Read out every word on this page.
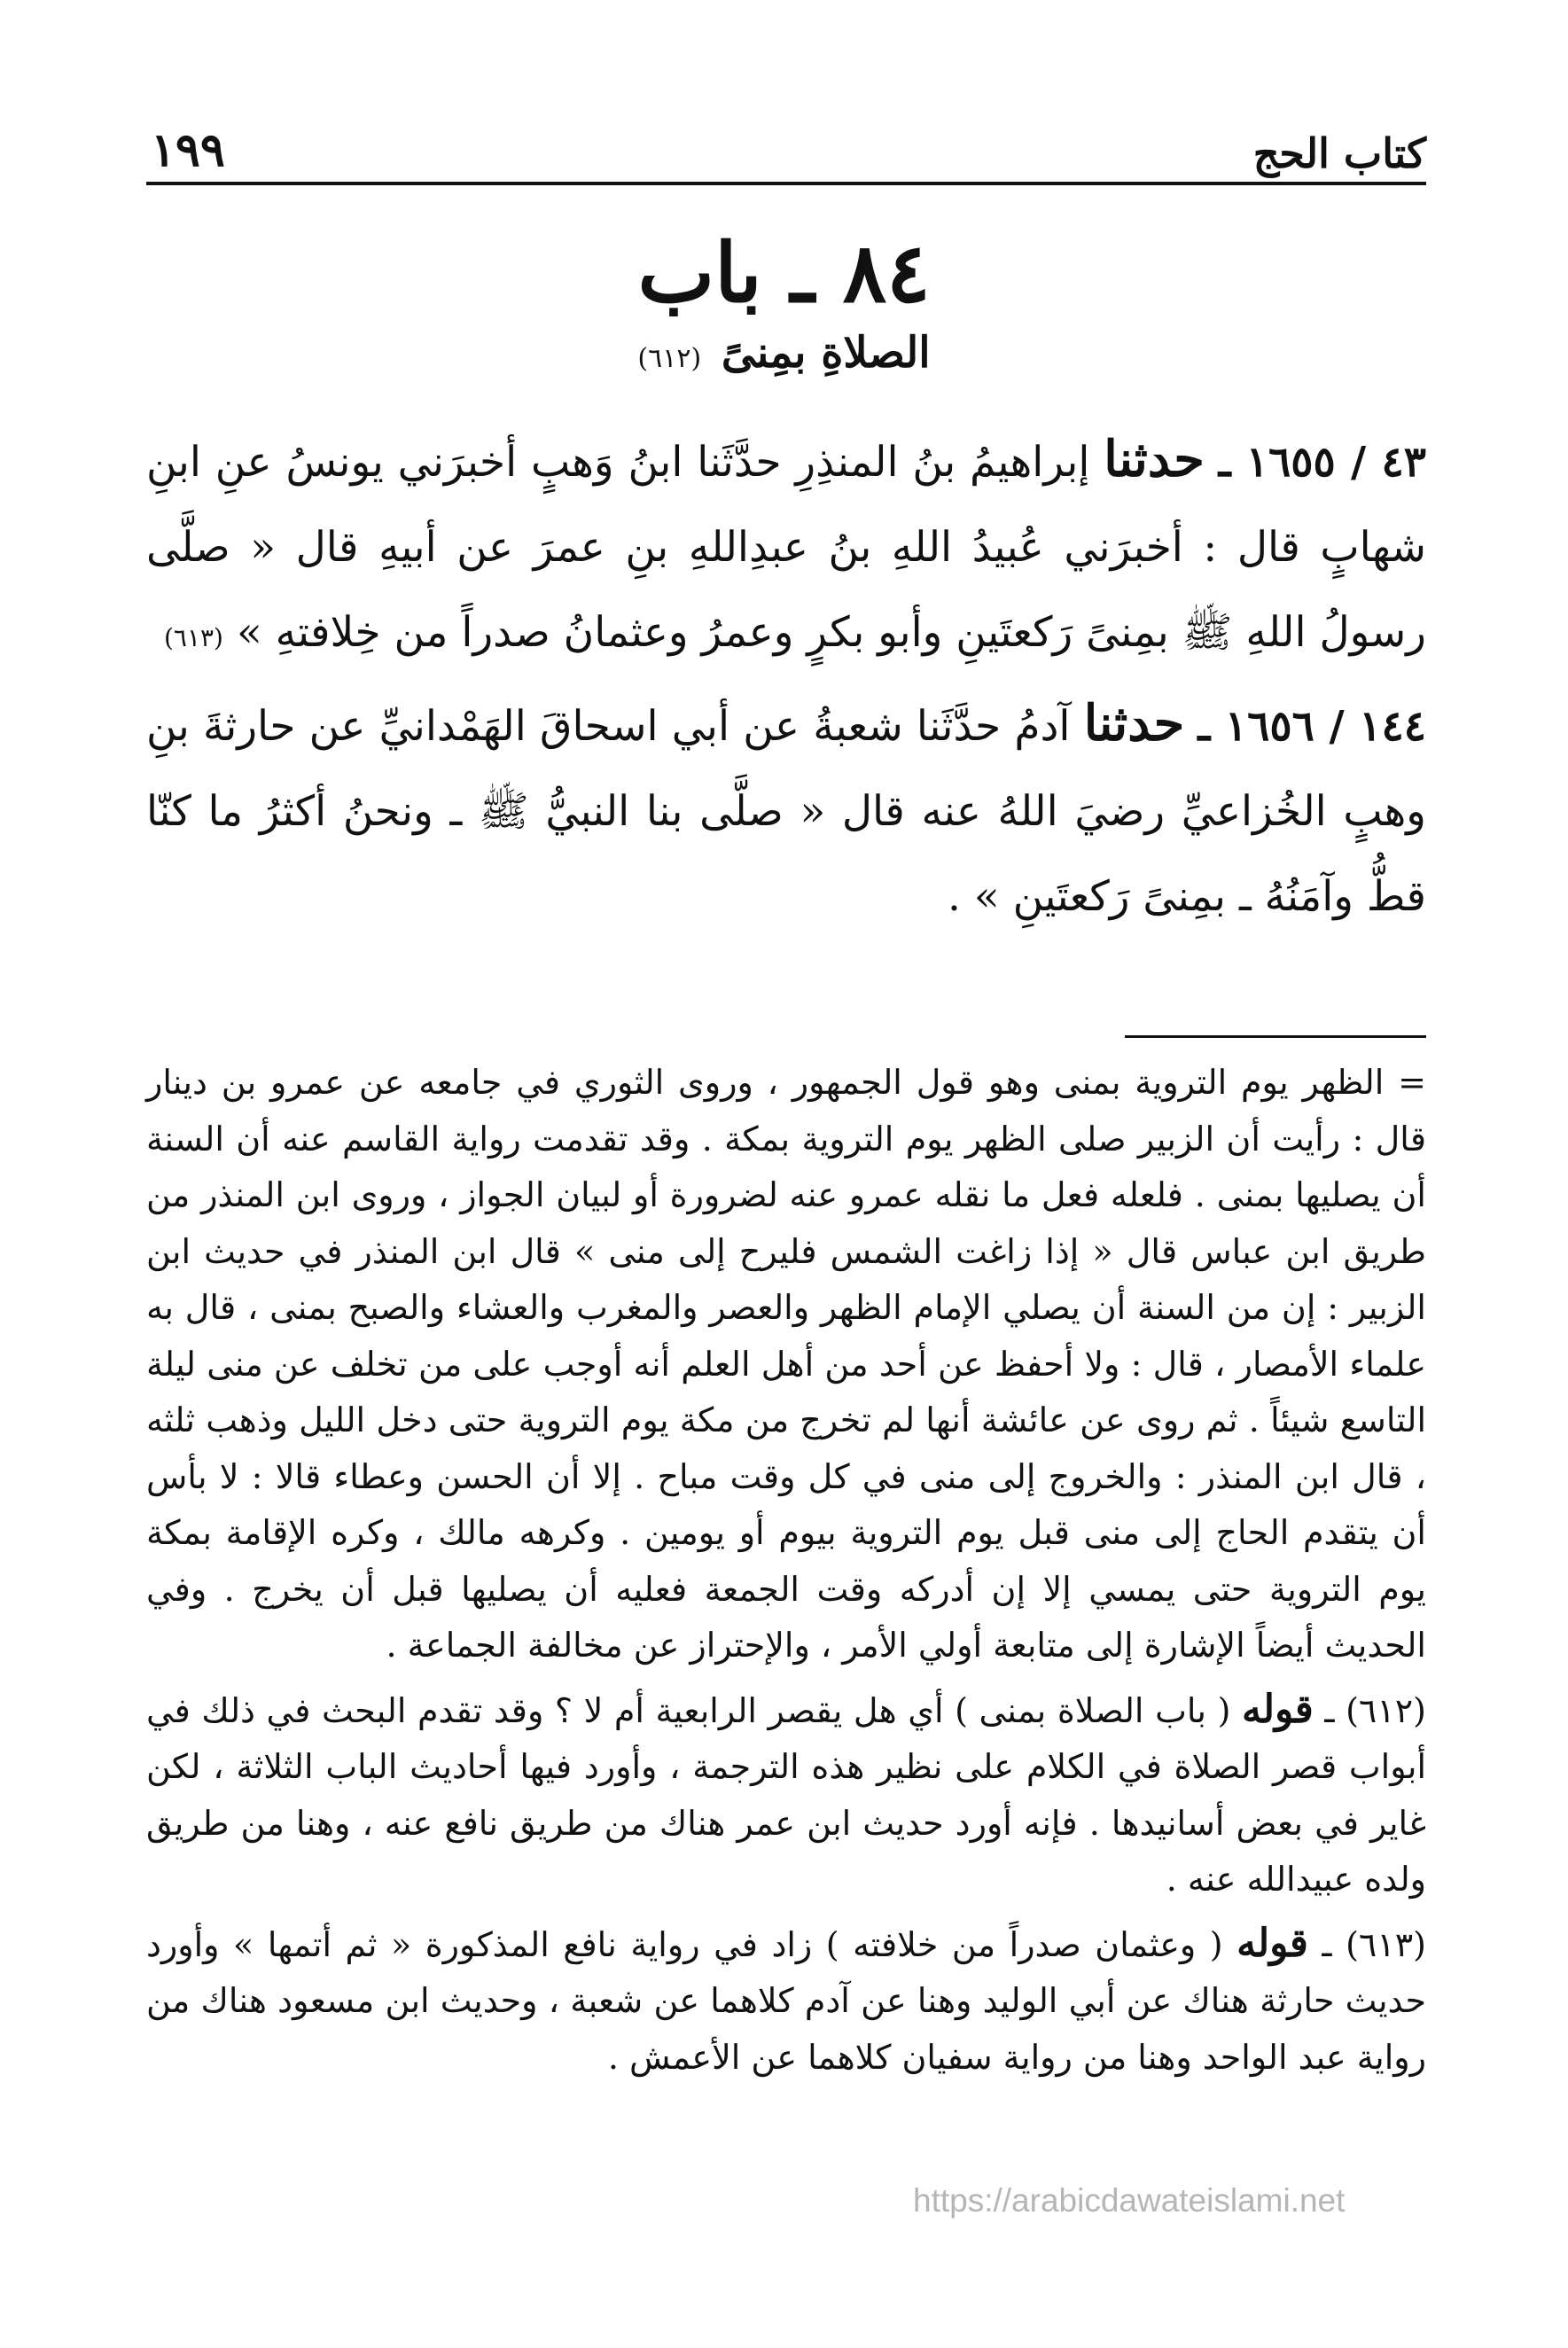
كتاب الحج
١٩٩
٨٤ ـ باب
الصلاةِ بمِنىً (٦١٢)

٤٣ / ١٦٥٥ ـ حدثنا إبراهيمُ بنُ المنذِرِ حدَّثَنا ابنُ وَهبٍ أخبرَني يونسُ عنِ ابنِ شهابٍ قال : أخبرَني عُبيدُ اللهِ بنُ عبدِاللهِ بنِ عمرَ عن أبيهِ قال « صلَّى رسولُ اللهِ ﷺ بمِنىً رَكعتَينِ وأبو بكرٍ وعمرُ وعثمانُ صدراً من خِلافتهِ » (٦١٣)

١٤٤ / ١٦٥٦ ـ حدثنا آدمُ حدَّثَنا شعبةُ عن أبي اسحاقَ الهَمْدانيِّ عن حارثةَ بنِ وهبٍ الخُزاعيِّ رضيَ اللهُ عنه قال « صلَّى بنا النبيُّ ﷺ ـ ونحنُ أكثرُ ما كنّا قطُّ وآمَنُهُ ـ بمِنىً رَكعتَينِ » .

= الظهر يوم التروية بمنى وهو قول الجمهور ، وروى الثوري في جامعه عن عمرو بن دينار قال : رأيت أن الزبير صلى الظهر يوم التروية بمكة . وقد تقدمت رواية القاسم عنه أن السنة أن يصليها بمنى . فلعله فعل ما نقله عمرو عنه لضرورة أو لبيان الجواز ، وروى ابن المنذر من طريق ابن عباس قال « إذا زاغت الشمس فليرح إلى منى » قال ابن المنذر في حديث ابن الزبير : إن من السنة أن يصلي الإمام الظهر والعصر والمغرب والعشاء والصبح بمنى ، قال به علماء الأمصار ، قال : ولا أحفظ عن أحد من أهل العلم أنه أوجب على من تخلف عن منى ليلة التاسع شيئاً . ثم روى عن عائشة أنها لم تخرج من مكة يوم التروية حتى دخل الليل وذهب ثلثه ، قال ابن المنذر : والخروج إلى منى في كل وقت مباح . إلا أن الحسن وعطاء قالا : لا بأس أن يتقدم الحاج إلى منى قبل يوم التروية بيوم أو يومين . وكرهه مالك ، وكره الإقامة بمكة يوم التروية حتى يمسي إلا إن أدركه وقت الجمعة فعليه أن يصليها قبل أن يخرج . وفي الحديث أيضاً الإشارة إلى متابعة أولي الأمر ، والإحتراز عن مخالفة الجماعة .

(٦١٢) ـ قوله ( باب الصلاة بمنى ) أي هل يقصر الرابعية أم لا ؟ وقد تقدم البحث في ذلك في أبواب قصر الصلاة في الكلام على نظير هذه الترجمة ، وأورد فيها أحاديث الباب الثلاثة ، لكن غاير في بعض أسانيدها . فإنه أورد حديث ابن عمر هناك من طريق نافع عنه ، وهنا من طريق ولده عبيدالله عنه .

(٦١٣) ـ قوله ( وعثمان صدراً من خلافته ) زاد في رواية نافع المذكورة « ثم أتمها » وأورد حديث حارثة هناك عن أبي الوليد وهنا عن آدم كلاهما عن شعبة ، وحديث ابن مسعود هناك من رواية عبد الواحد وهنا من رواية سفيان كلاهما عن الأعمش .

https://arabicdawateislami.net
